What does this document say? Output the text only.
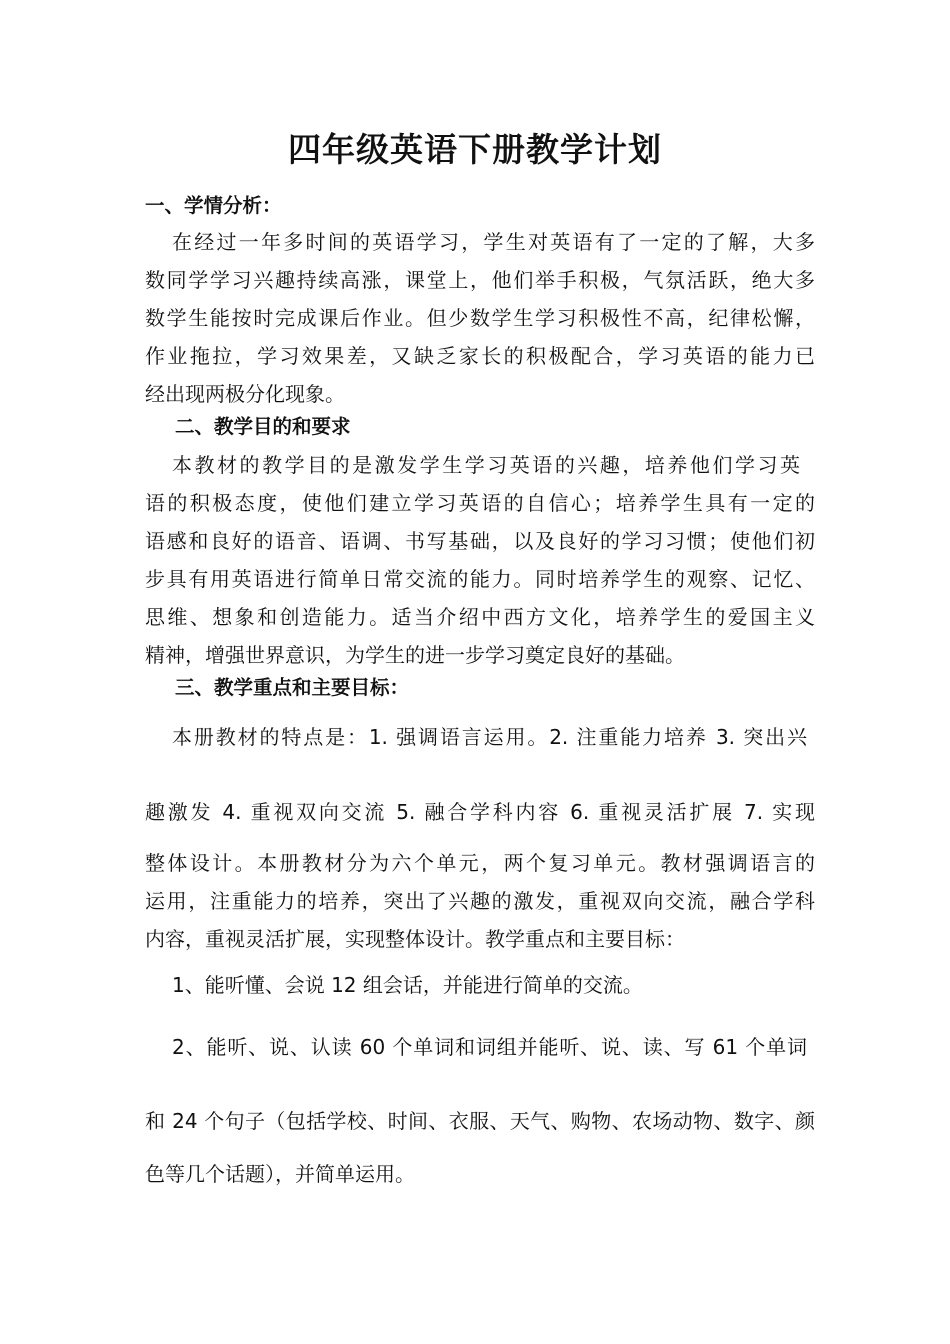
四年级英语下册教学计划
一、学情分析：
在经过一年多时间的英语学习，学生对英语有了一定的了解，大多
数同学学习兴趣持续高涨，课堂上，他们举手积极，气氛活跃，绝大多
数学生能按时完成课后作业。但少数学生学习积极性不高，纪律松懈，
作业拖拉，学习效果差，又缺乏家长的积极配合，学习英语的能力已
经出现两极分化现象。
二、教学目的和要求
本教材的教学目的是激发学生学习英语的兴趣，培养他们学习英
语的积极态度，使他们建立学习英语的自信心；培养学生具有一定的
语感和良好的语音、语调、书写基础，以及良好的学习习惯；使他们初
步具有用英语进行简单日常交流的能力。同时培养学生的观察、记忆、
思维、想象和创造能力。适当介绍中西方文化，培养学生的爱国主义
精神，增强世界意识，为学生的进一步学习奠定良好的基础。
三、教学重点和主要目标：
本册教材的特点是：1. 强调语言运用。2. 注重能力培养 3. 突出兴
趣激发 4. 重视双向交流 5. 融合学科内容 6. 重视灵活扩展 7. 实现
整体设计。本册教材分为六个单元，两个复习单元。教材强调语言的
运用，注重能力的培养，突出了兴趣的激发，重视双向交流，融合学科
内容，重视灵活扩展，实现整体设计。教学重点和主要目标：
1、能听懂、会说 12 组会话，并能进行简单的交流。
2、能听、说、认读 60 个单词和词组并能听、说、读、写 61 个单词
和 24 个句子（包括学校、时间、衣服、天气、购物、农场动物、数字、颜
色等几个话题），并简单运用。
